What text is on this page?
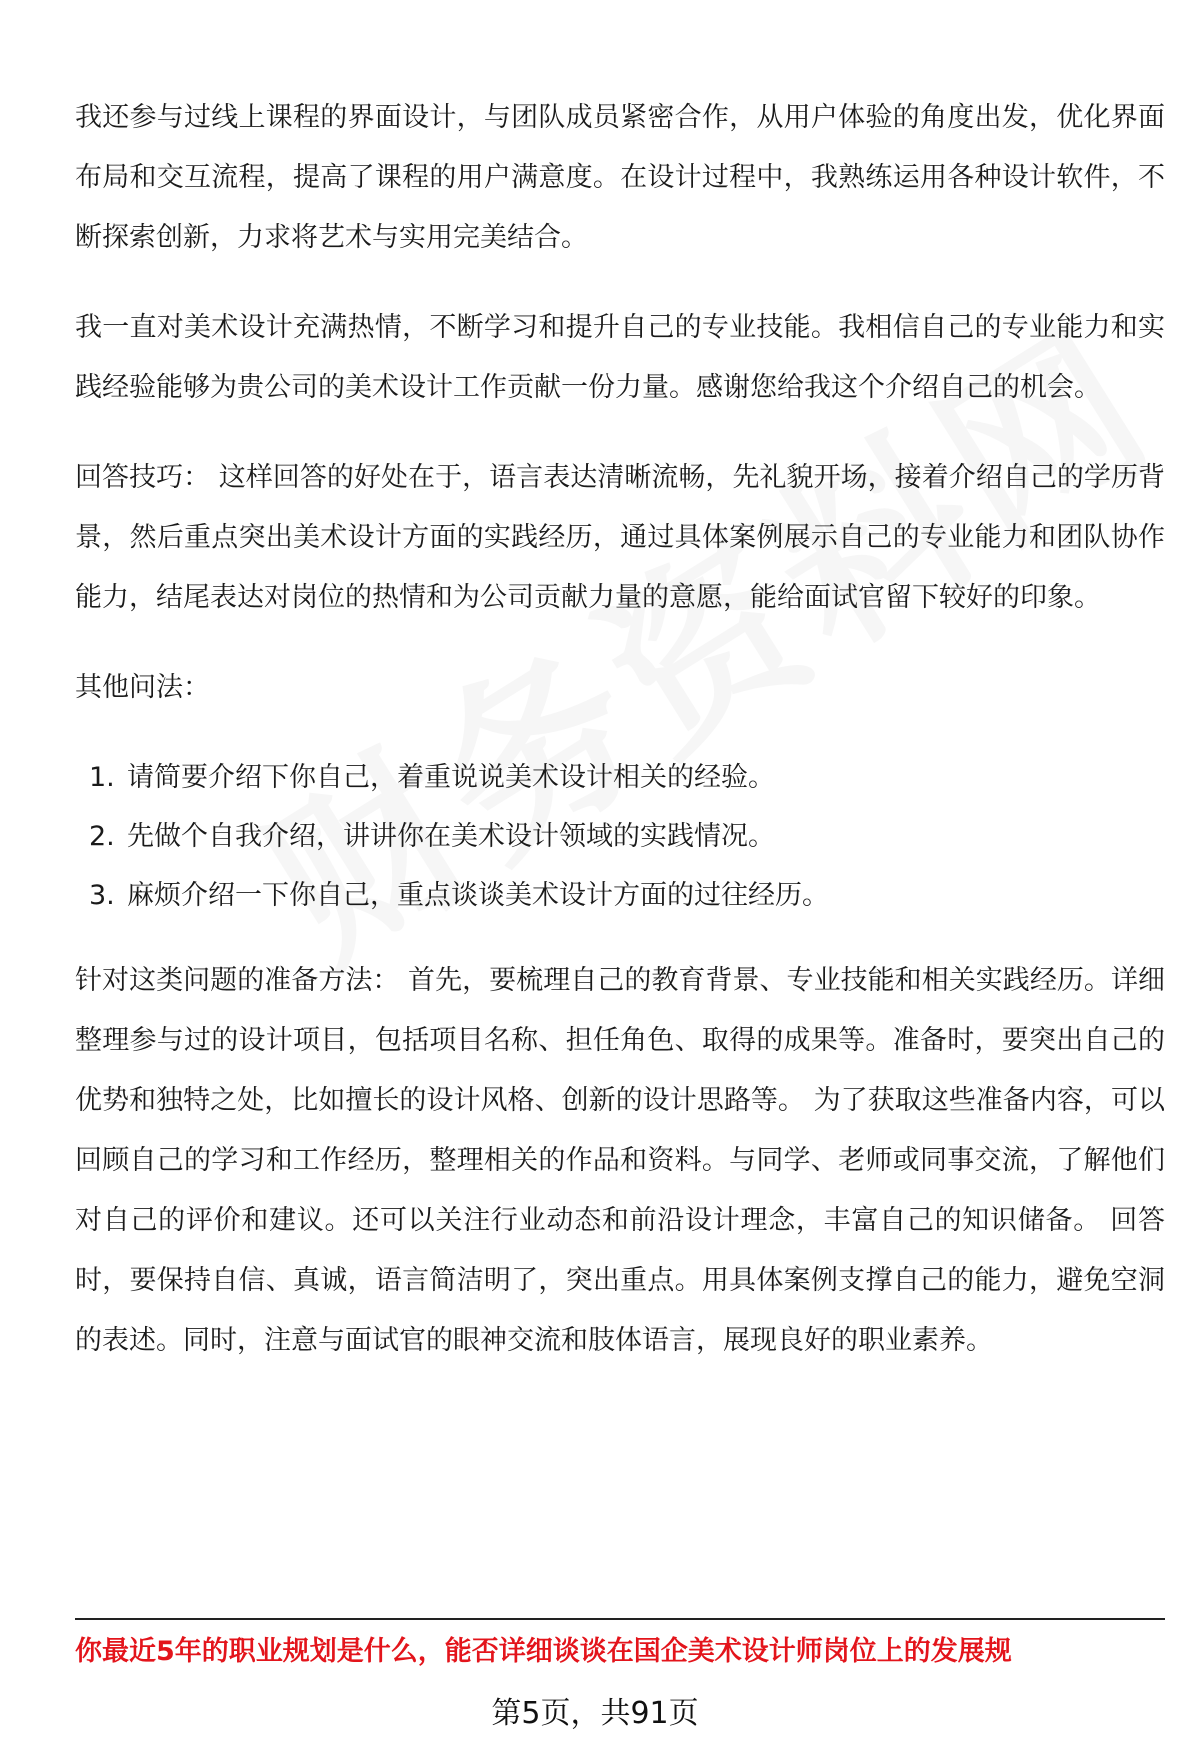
我还参与过线上课程的界面设计，与团队成员紧密合作，从用户体验的角度出发，优化界面布局和交互流程，提高了课程的用户满意度。在设计过程中，我熟练运用各种设计软件，不断探索创新，力求将艺术与实用完美结合。

我一直对美术设计充满热情，不断学习和提升自己的专业技能。我相信自己的专业能力和实践经验能够为贵公司的美术设计工作贡献一份力量。感谢您给我这个介绍自己的机会。

回答技巧： 这样回答的好处在于，语言表达清晰流畅，先礼貌开场，接着介绍自己的学历背景，然后重点突出美术设计方面的实践经历，通过具体案例展示自己的专业能力和团队协作能力，结尾表达对岗位的热情和为公司贡献力量的意愿，能给面试官留下较好的印象。

其他问法：

1. 请简要介绍下你自己，着重说说美术设计相关的经验。
2. 先做个自我介绍，讲讲你在美术设计领域的实践情况。
3. 麻烦介绍一下你自己，重点谈谈美术设计方面的过往经历。

针对这类问题的准备方法： 首先，要梳理自己的教育背景、专业技能和相关实践经历。详细整理参与过的设计项目，包括项目名称、担任角色、取得的成果等。准备时，要突出自己的优势和独特之处，比如擅长的设计风格、创新的设计思路等。 为了获取这些准备内容，可以回顾自己的学习和工作经历，整理相关的作品和资料。与同学、老师或同事交流，了解他们对自己的评价和建议。还可以关注行业动态和前沿设计理念，丰富自己的知识储备。 回答时，要保持自信、真诚，语言简洁明了，突出重点。用具体案例支撑自己的能力，避免空洞的表述。同时，注意与面试官的眼神交流和肢体语言，展现良好的职业素养。

你最近5年的职业规划是什么，能否详细谈谈在国企美术设计师岗位上的发展规
第5页，共91页
